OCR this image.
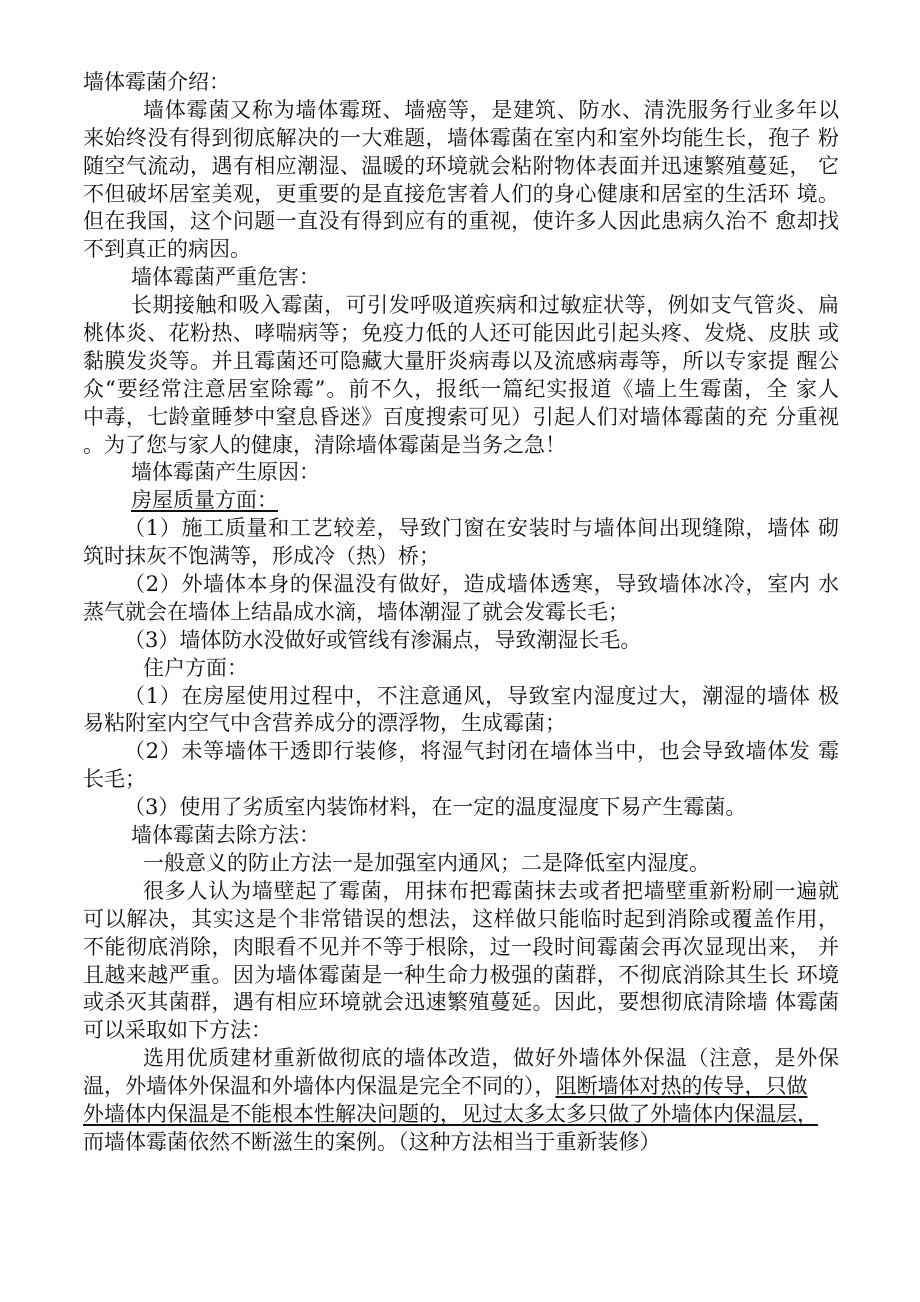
墙体霉菌介绍：
墙体霉菌又称为墙体霉斑、墙癌等，是建筑、防水、清洗服务行业多年以
来始终没有得到彻底解决的一大难题，墙体霉菌在室内和室外均能生长，孢子 粉
随空气流动，遇有相应潮湿、温暖的环境就会粘附物体表面并迅速繁殖蔓延， 它
不但破坏居室美观，更重要的是直接危害着人们的身心健康和居室的生活环 境。
但在我国，这个问题一直没有得到应有的重视，使许多人因此患病久治不 愈却找
不到真正的病因。
墙体霉菌严重危害：
长期接触和吸入霉菌，可引发呼吸道疾病和过敏症状等，例如支气管炎、扁
桃体炎、花粉热、哮喘病等；免疫力低的人还可能因此引起头疼、发烧、皮肤 或
黏膜发炎等。并且霉菌还可隐藏大量肝炎病毒以及流感病毒等，所以专家提 醒公
众“要经常注意居室除霉”。前不久，报纸一篇纪实报道《墙上生霉菌，全 家人
中毒，七龄童睡梦中窒息昏迷》百度搜索可见）引起人们对墙体霉菌的充 分重视
。为了您与家人的健康，清除墙体霉菌是当务之急！
墙体霉菌产生原因：
房屋质量方面：
（1）施工质量和工艺较差，导致门窗在安装时与墙体间出现缝隙，墙体 砌
筑时抹灰不饱满等，形成冷（热）桥；
（2）外墙体本身的保温没有做好，造成墙体透寒，导致墙体冰冷，室内 水
蒸气就会在墙体上结晶成水滴，墙体潮湿了就会发霉长毛；
（3）墙体防水没做好或管线有渗漏点，导致潮湿长毛。
住户方面：
（1）在房屋使用过程中，不注意通风，导致室内湿度过大，潮湿的墙体 极
易粘附室内空气中含营养成分的漂浮物，生成霉菌；
（2）未等墙体干透即行装修，将湿气封闭在墙体当中，也会导致墙体发 霉
长毛；
（3）使用了劣质室内装饰材料，在一定的温度湿度下易产生霉菌。
墙体霉菌去除方法：
一般意义的防止方法一是加强室内通风；二是降低室内湿度。
很多人认为墙壁起了霉菌，用抹布把霉菌抹去或者把墙壁重新粉刷一遍就
可以解决，其实这是个非常错误的想法，这样做只能临时起到消除或覆盖作用，
不能彻底消除，肉眼看不见并不等于根除，过一段时间霉菌会再次显现出来， 并
且越来越严重。因为墙体霉菌是一种生命力极强的菌群，不彻底消除其生长 环境
或杀灭其菌群，遇有相应环境就会迅速繁殖蔓延。因此，要想彻底清除墙 体霉菌
可以采取如下方法：
选用优质建材重新做彻底的墙体改造，做好外墙体外保温（注意，是外保
温，外墙体外保温和外墙体内保温是完全不同的），阻断墙体对热的传导，只做
外墙体内保温是不能根本性解决问题的，见过太多太多只做了外墙体内保温层，
而墙体霉菌依然不断滋生的案例。（这种方法相当于重新装修）
